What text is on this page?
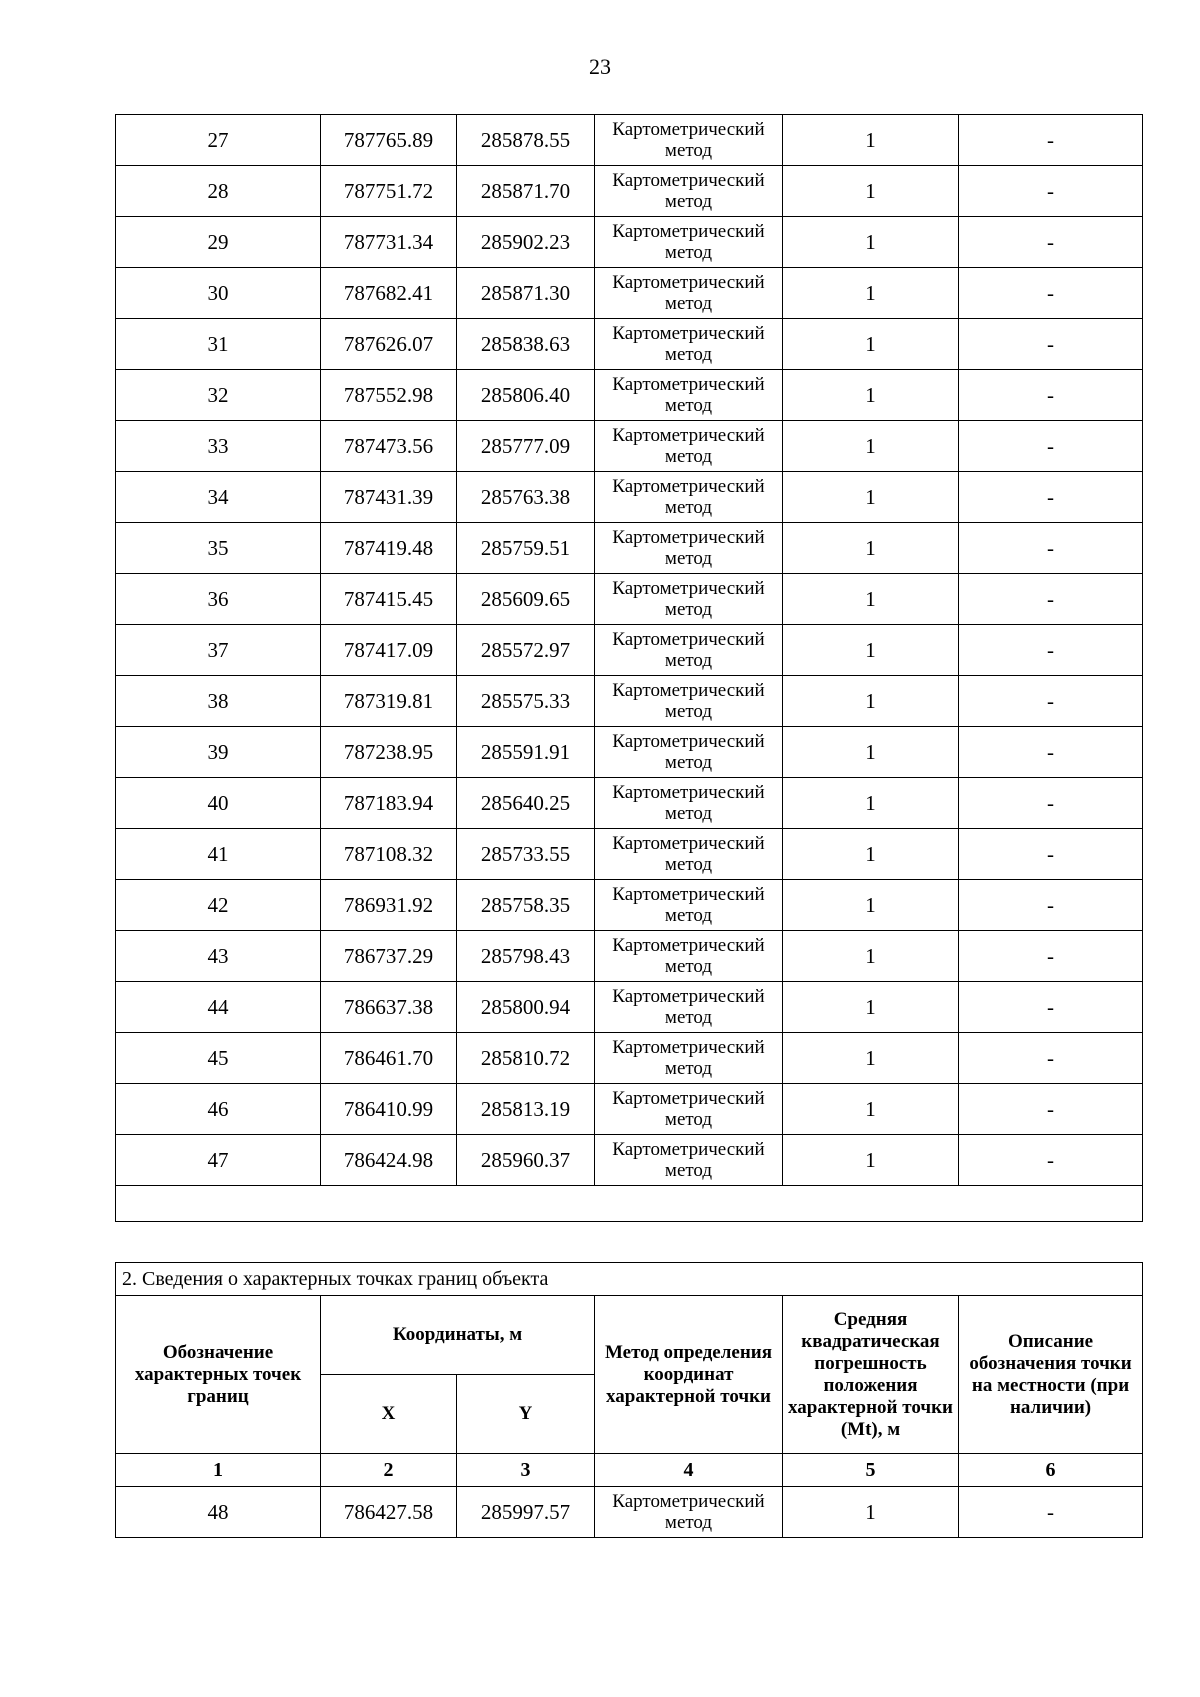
23
27	787765.89	285878.55	Картометрический метод	1	-
28	787751.72	285871.70	Картометрический метод	1	-
29	787731.34	285902.23	Картометрический метод	1	-
30	787682.41	285871.30	Картометрический метод	1	-
31	787626.07	285838.63	Картометрический метод	1	-
32	787552.98	285806.40	Картометрический метод	1	-
33	787473.56	285777.09	Картометрический метод	1	-
34	787431.39	285763.38	Картометрический метод	1	-
35	787419.48	285759.51	Картометрический метод	1	-
36	787415.45	285609.65	Картометрический метод	1	-
37	787417.09	285572.97	Картометрический метод	1	-
38	787319.81	285575.33	Картометрический метод	1	-
39	787238.95	285591.91	Картометрический метод	1	-
40	787183.94	285640.25	Картометрический метод	1	-
41	787108.32	285733.55	Картометрический метод	1	-
42	786931.92	285758.35	Картометрический метод	1	-
43	786737.29	285798.43	Картометрический метод	1	-
44	786637.38	285800.94	Картометрический метод	1	-
45	786461.70	285810.72	Картометрический метод	1	-
46	786410.99	285813.19	Картометрический метод	1	-
47	786424.98	285960.37	Картометрический метод	1	-

2. Сведения о характерных точках границ объекта					
Обозначение характерных точек границ	Координаты, м		Метод определения координат характерной точки	Средняя квадратическая погрешность положения характерной точки (Mt), м	Описание обозначения точки на местности (при наличии)
	X	Y			
1	2	3	4	5	6
48	786427.58	285997.57	Картометрический метод	1	-
